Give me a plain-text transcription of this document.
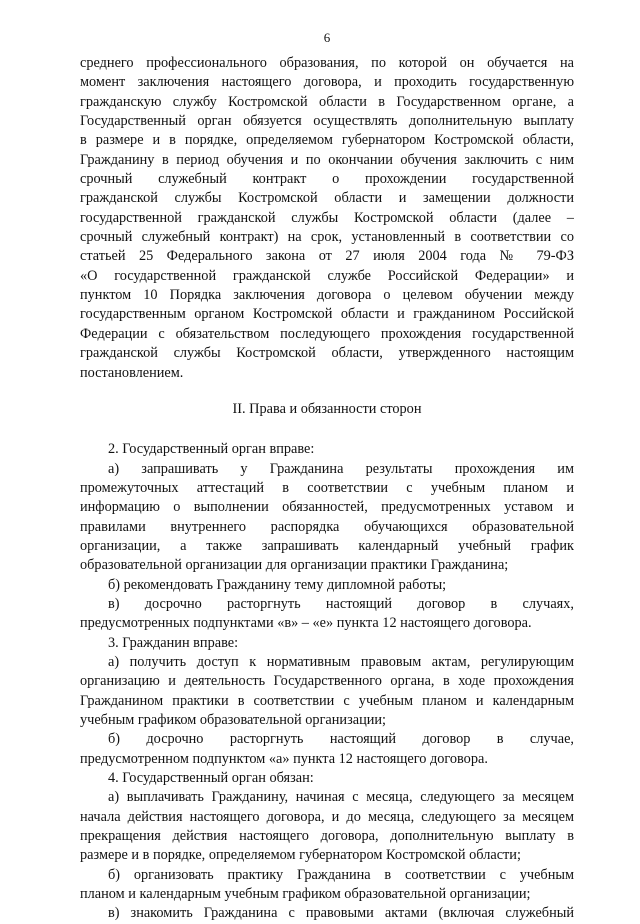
6
среднего профессионального образования, по которой он обучается на
момент заключения настоящего договора, и проходить государственную
гражданскую службу Костромской области в Государственном органе, а
Государственный орган обязуется осуществлять дополнительную выплату
в размере и в порядке, определяемом губернатором Костромской области,
Гражданину в период обучения и по окончании обучения заключить с ним
срочный служебный контракт о прохождении государственной
гражданской службы Костромской области и замещении должности
государственной гражданской службы Костромской области (далее –
срочный служебный контракт) на срок, установленный в соответствии со
статьей 25 Федерального закона от 27 июля 2004 года № 79-ФЗ
«О государственной гражданской службе Российской Федерации» и
пунктом 10 Порядка заключения договора о целевом обучении между
государственным органом Костромской области и гражданином Российской
Федерации с обязательством последующего прохождения государственной
гражданской службы Костромской области, утвержденного настоящим
постановлением.
II. Права и обязанности сторон
2. Государственный орган вправе:
а) запрашивать у Гражданина результаты прохождения им
промежуточных аттестаций в соответствии с учебным планом и
информацию о выполнении обязанностей, предусмотренных уставом и
правилами внутреннего распорядка обучающихся образовательной
организации, а также запрашивать календарный учебный график
образовательной организации для организации практики Гражданина;
б) рекомендовать Гражданину тему дипломной работы;
в) досрочно расторгнуть настоящий договор в случаях,
предусмотренных подпунктами «в» – «е» пункта 12 настоящего договора.
3. Гражданин вправе:
а) получить доступ к нормативным правовым актам, регулирующим
организацию и деятельность Государственного органа, в ходе прохождения
Гражданином практики в соответствии с учебным планом и календарным
учебным графиком образовательной организации;
б) досрочно расторгнуть настоящий договор в случае,
предусмотренном подпунктом «а» пункта 12 настоящего договора.
4. Государственный орган обязан:
а) выплачивать Гражданину, начиная с месяца, следующего за месяцем
начала действия настоящего договора, и до месяца, следующего за месяцем
прекращения действия настоящего договора, дополнительную выплату в
размере и в порядке, определяемом губернатором Костромской области;
б) организовать практику Гражданина в соответствии с учебным
планом и календарным учебным графиком образовательной организации;
в) знакомить Гражданина с правовыми актами (включая служебный
